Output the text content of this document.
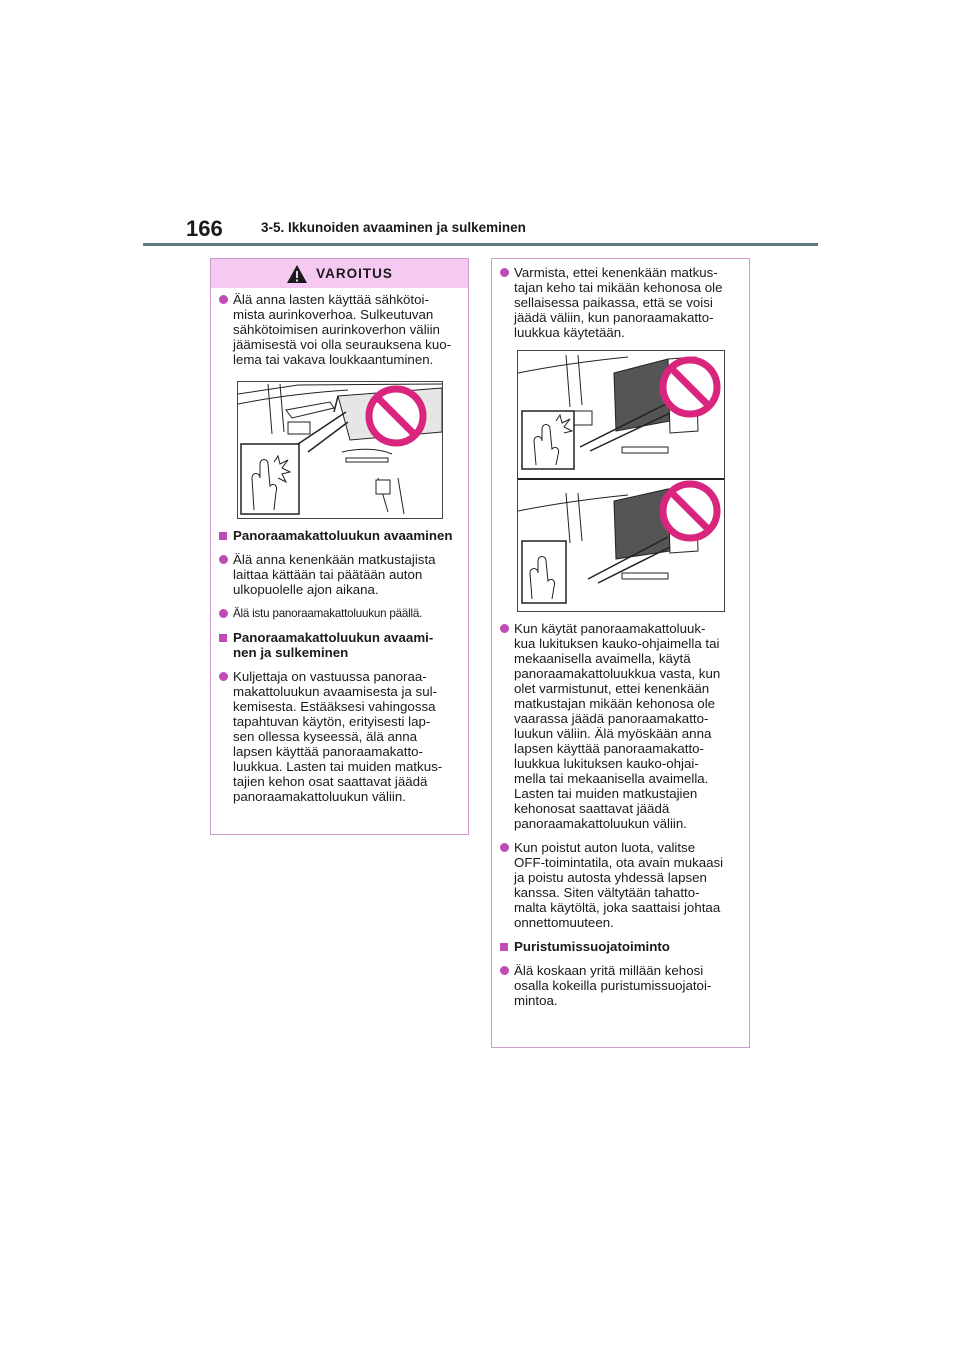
166	3-5. Ikkunoiden avaaminen ja sulkeminen
VAROITUS
Älä anna lasten käyttää sähkötoi-
mista aurinkoverhoa. Sulkeutuvan
sähkötoimisen aurinkoverhon väliin
jäämisestä voi olla seurauksena kuo-
lema tai vakava loukkaantuminen.
Panoraamakattoluukun avaaminen
Älä anna kenenkään matkustajista
laittaa kättään tai päätään auton
ulkopuolelle ajon aikana.
Älä istu panoraamakattoluukun päällä.
Panoraamakattoluukun avaami-
nen ja sulkeminen
Kuljettaja on vastuussa panoraa-
makattoluukun avaamisesta ja sul-
kemisesta. Estääksesi vahingossa
tapahtuvan käytön, erityisesti lap-
sen ollessa kyseessä, älä anna
lapsen käyttää panoraamakatto-
luukkua. Lasten tai muiden matkus-
tajien kehon osat saattavat jäädä
panoraamakattoluukun väliin.
Varmista, ettei kenenkään matkus-
tajan keho tai mikään kehonosa ole
sellaisessa paikassa, että se voisi
jäädä väliin, kun panoraamakatto-
luukkua käytetään.
Kun käytät panoraamakattoluuk-
kua lukituksen kauko-ohjaimella tai
mekaanisella avaimella, käytä
panoraamakattoluukkua vasta, kun
olet varmistunut, ettei kenenkään
matkustajan mikään kehonosa ole
vaarassa jäädä panoraamakatto-
luukun väliin. Älä myöskään anna
lapsen käyttää panoraamakatto-
luukkua lukituksen kauko-ohjai-
mella tai mekaanisella avaimella.
Lasten tai muiden matkustajien
kehonosat saattavat jäädä
panoraamakattoluukun väliin.
Kun poistut auton luota, valitse
OFF-toimintatila, ota avain mukaasi
ja poistu autosta yhdessä lapsen
kanssa. Siten vältytään tahatto-
malta käytöltä, joka saattaisi johtaa
onnettomuuteen.
Puristumissuojatoiminto
Älä koskaan yritä millään kehosi
osalla kokeilla puristumissuojatoi-
mintoa.
